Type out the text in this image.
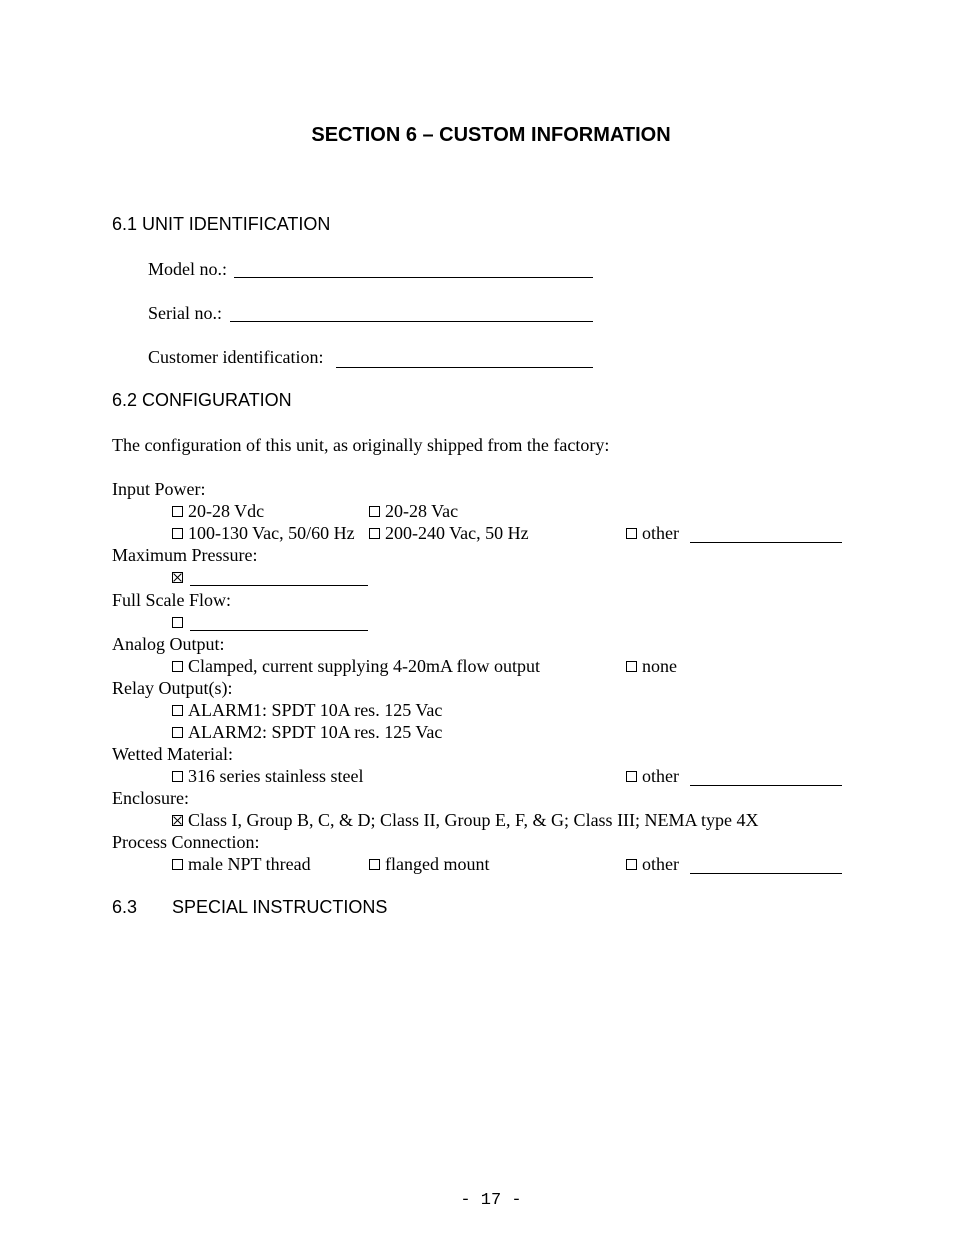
SECTION 6 – CUSTOM INFORMATION
6.1 UNIT IDENTIFICATION
Model no.:
Serial no.:
Customer identification:
6.2 CONFIGURATION
The configuration of this unit, as originally shipped from the factory:
Input Power:
20-28 Vdc	20-28 Vac
100-130 Vac, 50/60 Hz	200-240 Vac, 50 Hz	other
Maximum Pressure:
Full Scale Flow:
Analog Output:
Clamped, current supplying 4-20mA flow output	none
Relay Output(s):
ALARM1: SPDT 10A res. 125 Vac
ALARM2: SPDT 10A res. 125 Vac
Wetted Material:
316 series stainless steel	other
Enclosure:
Class I, Group B, C, & D; Class II, Group E, F, & G; Class III; NEMA type 4X
Process Connection:
male NPT thread	flanged mount	other
6.3       SPECIAL INSTRUCTIONS
- 17 -
